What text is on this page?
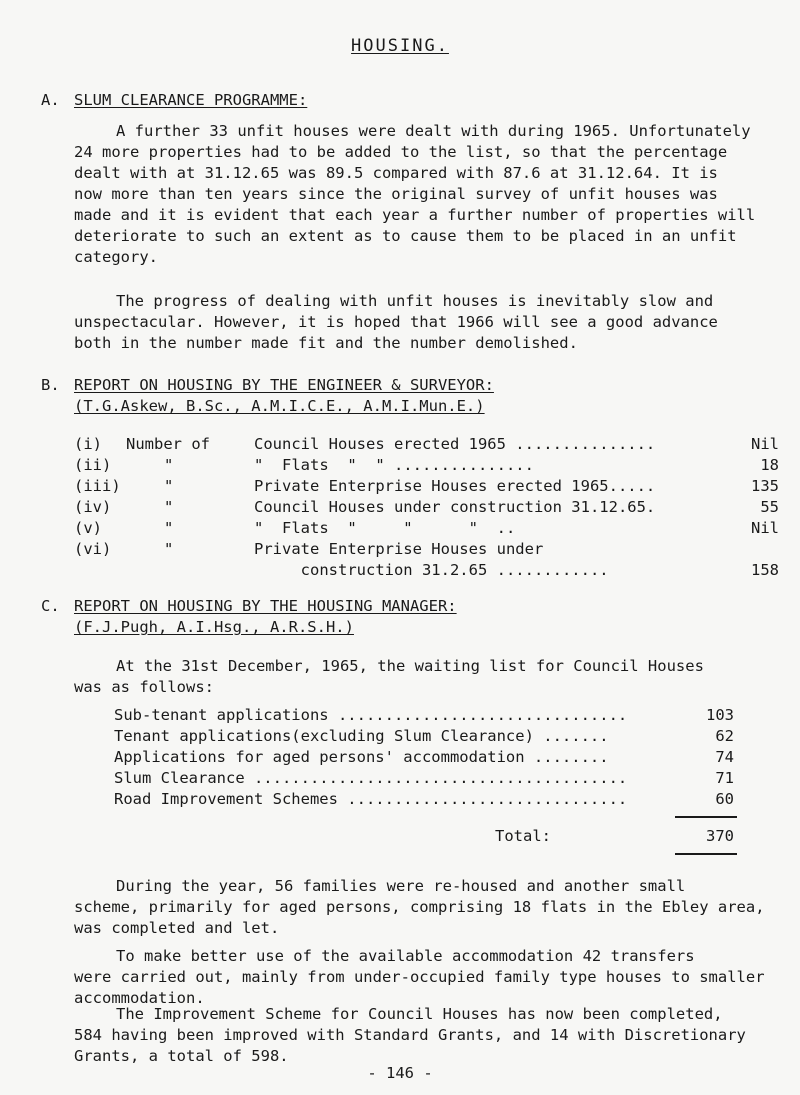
HOUSING.
A. SLUM CLEARANCE PROGRAMME:
A further 33 unfit houses were dealt with during 1965. Unfortunately
24 more properties had to be added to the list, so that the percentage
dealt with at 31.12.65 was 89.5 compared with 87.6 at 31.12.64. It is
now more than ten years since the original survey of unfit houses was
made and it is evident that each year a further number of properties will
deteriorate to such an extent as to cause them to be placed in an unfit
category.
The progress of dealing with unfit houses is inevitably slow and
unspectacular. However, it is hoped that 1966 will see a good advance
both in the number made fit and the number demolished.
B. REPORT ON HOUSING BY THE ENGINEER & SURVEYOR:
(T.G.Askew, B.Sc., A.M.I.C.E., A.M.I.Mun.E.)
(i)	Number of	Council Houses erected 1965 ...............	Nil
(ii)	"	"  Flats  "  " ...............	18
(iii)	"	Private Enterprise Houses erected 1965.....	135
(iv)	"	Council Houses under construction 31.12.65.	55
(v)	"	"  Flats  "     "      "  ..	Nil
(vi)	"	Private Enterprise Houses under
construction 31.2.65 ............	158
C. REPORT ON HOUSING BY THE HOUSING MANAGER:
(F.J.Pugh, A.I.Hsg., A.R.S.H.)
At the 31st December, 1965, the waiting list for Council Houses
was as follows:
Sub-tenant applications ...............................	103
Tenant applications(excluding Slum Clearance) .......	62
Applications for aged persons' accommodation ........	74
Slum Clearance ........................................	71
Road Improvement Schemes ..............................	60
Total:	370
During the year, 56 families were re-housed and another small
scheme, primarily for aged persons, comprising 18 flats in the Ebley area,
was completed and let.
To make better use of the available accommodation 42 transfers
were carried out, mainly from under-occupied family type houses to smaller
accommodation.
The Improvement Scheme for Council Houses has now been completed,
584 having been improved with Standard Grants, and 14 with Discretionary
Grants, a total of 598.
- 146 -
